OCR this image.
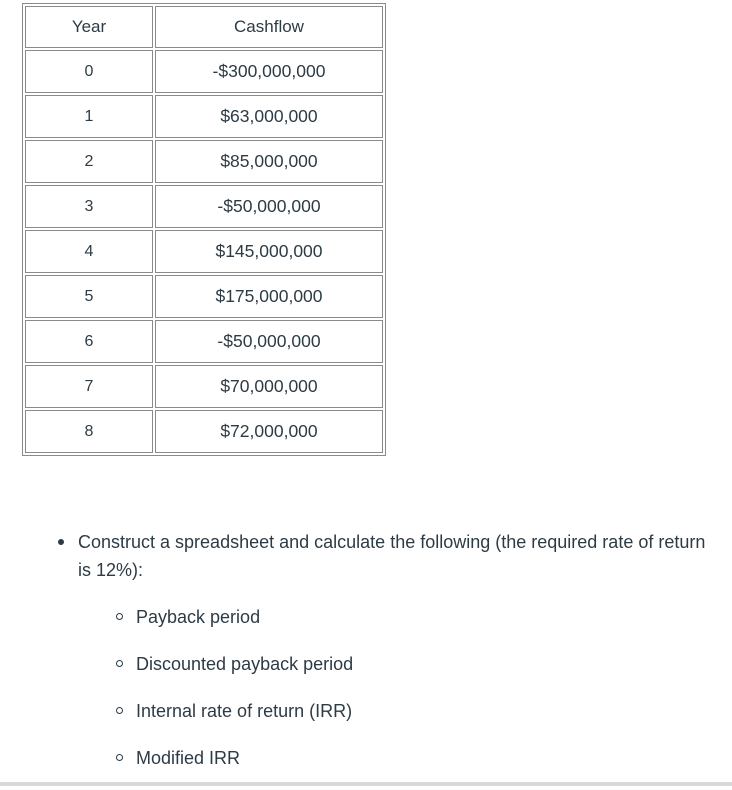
Year	Cashflow
0	-$300,000,000
1	$63,000,000
2	$85,000,000
3	-$50,000,000
4	$145,000,000
5	$175,000,000
6	-$50,000,000
7	$70,000,000
8	$72,000,000
Construct a spreadsheet and calculate the following (the required rate of return is 12%):
Payback period
Discounted payback period
Internal rate of return (IRR)
Modified IRR
